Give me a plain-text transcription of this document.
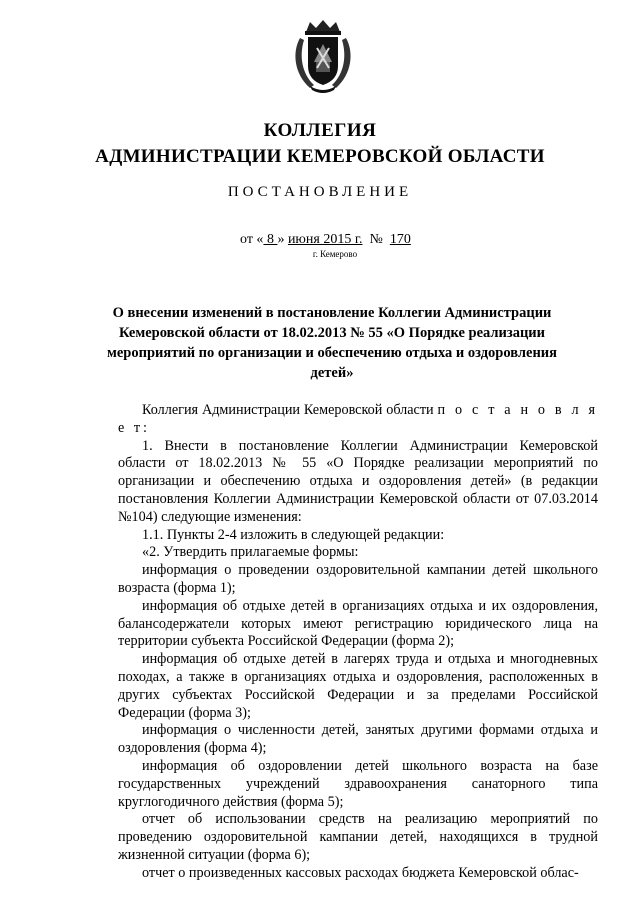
КОЛЛЕГИЯ
АДМИНИСТРАЦИИ КЕМЕРОВСКОЙ ОБЛАСТИ
ПОСТАНОВЛЕНИЕ
от « 8 » июня 2015 г. № 170
г. Кемерово
О внесении изменений в постановление Коллегии Администрации Кемеровской области от 18.02.2013 № 55 «О Порядке реализации мероприятий по организации и обеспечению отдыха и оздоровления детей»

Коллегия Администрации Кемеровской области п о с т а н о в л я е т:

1. Внести в постановление Коллегии Администрации Кемеровской области от 18.02.2013 № 55 «О Порядке реализации мероприятий по организации и обеспечению отдыха и оздоровления детей» (в редакции постановления Коллегии Администрации Кемеровской области от 07.03.2014 №104) следующие изменения:

1.1. Пункты 2-4 изложить в следующей редакции:

«2. Утвердить прилагаемые формы:

информация о проведении оздоровительной кампании детей школьного возраста (форма 1);

информация об отдыхе детей в организациях отдыха и их оздоровления, балансодержатели которых имеют регистрацию юридического лица на территории субъекта Российской Федерации (форма 2);

информация об отдыхе детей в лагерях труда и отдыха и многодневных походах, а также в организациях отдыха и оздоровления, расположенных в других субъектах Российской Федерации и за пределами Российской Федерации (форма 3);

информация о численности детей, занятых другими формами отдыха и оздоровления (форма 4);

информация об оздоровлении детей школьного возраста на базе государственных учреждений здравоохранения санаторного типа круглогодичного действия (форма 5);

отчет об использовании средств на реализацию мероприятий по проведению оздоровительной кампании детей, находящихся в трудной жизненной ситуации (форма 6);

отчет о произведенных кассовых расходах бюджета Кемеровской облас-
